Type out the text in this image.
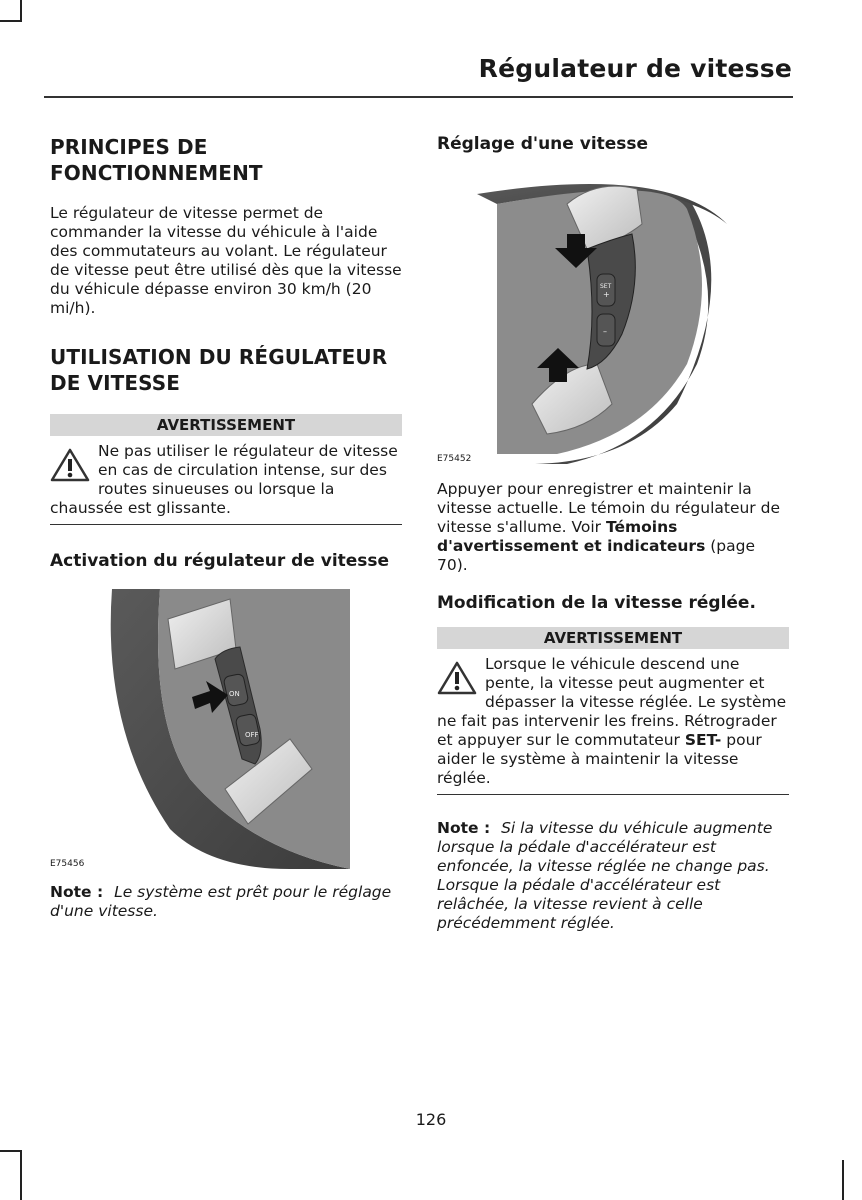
Régulateur de vitesse
PRINCIPES DE FONCTIONNEMENT

Le régulateur de vitesse permet de commander la vitesse du véhicule à l'aide des commutateurs au volant. Le régulateur de vitesse peut être utilisé dès que la vitesse du véhicule dépasse environ 30 km/h (20 mi/h).

UTILISATION DU RÉGULATEUR DE VITESSE
AVERTISSEMENT
Ne pas utiliser le régulateur de vitesse en cas de circulation intense, sur des routes sinueuses ou lorsque la chaussée est glissante.
Activation du régulateur de vitesse
ON
OFF
E75456

Note : Le système est prêt pour le réglage d'une vitesse.

Réglage d'une vitesse
SET
+
–
E75452

Appuyer pour enregistrer et maintenir la vitesse actuelle. Le témoin du régulateur de vitesse s'allume. Voir Témoins d'avertissement et indicateurs (page 70).

Modification de la vitesse réglée.
AVERTISSEMENT
Lorsque le véhicule descend une pente, la vitesse peut augmenter et dépasser la vitesse réglée. Le système ne fait pas intervenir les freins. Rétrograder et appuyer sur le commutateur SET- pour aider le système à maintenir la vitesse réglée.

Note : Si la vitesse du véhicule augmente lorsque la pédale d'accélérateur est enfoncée, la vitesse réglée ne change pas. Lorsque la pédale d'accélérateur est relâchée, la vitesse revient à celle précédemment réglée.

126
